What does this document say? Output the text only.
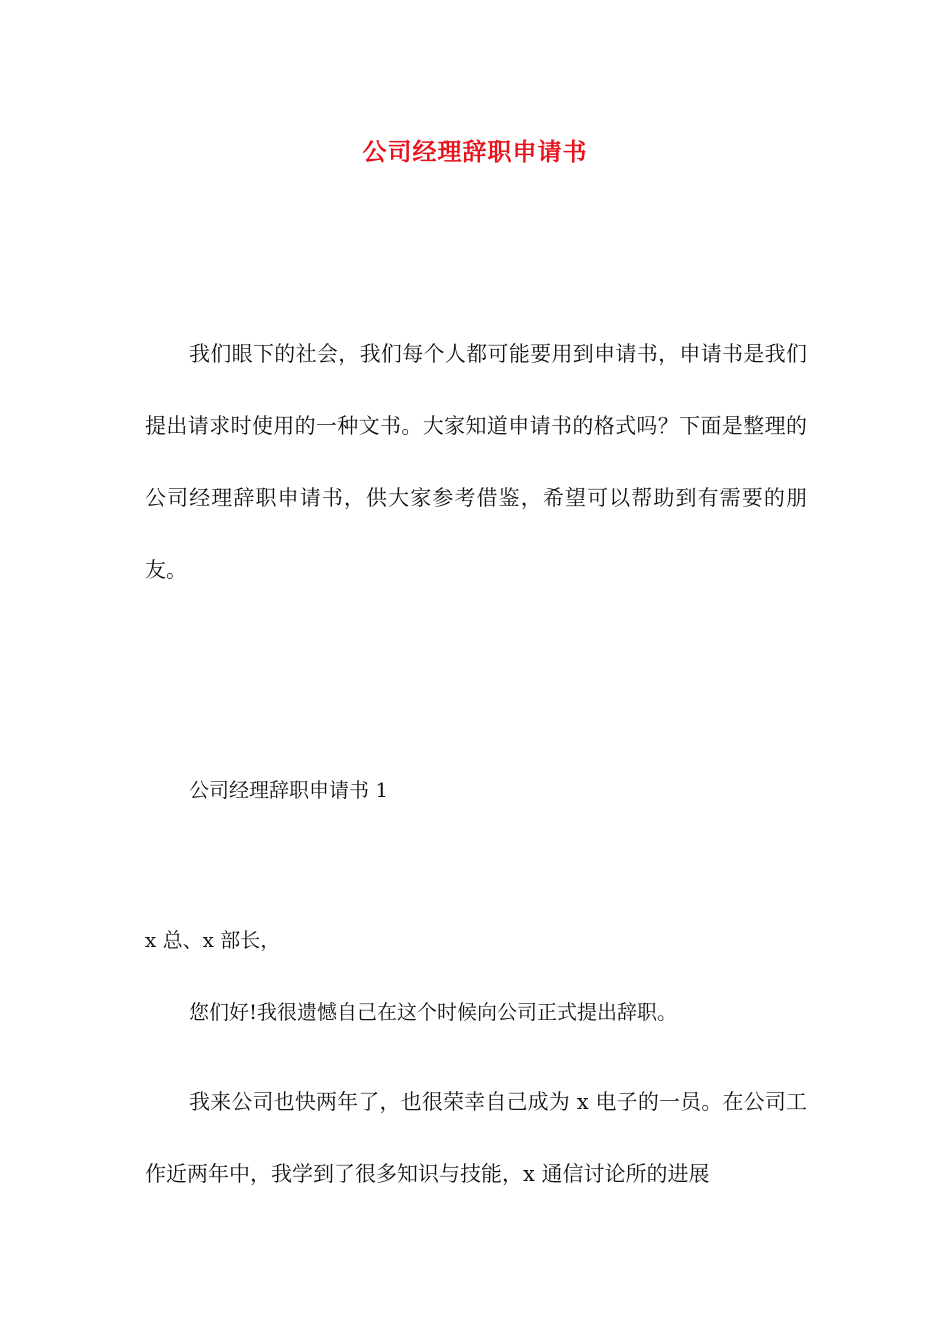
公司经理辞职申请书

我们眼下的社会，我们每个人都可能要用到申请书，申请书是我们提出请求时使用的一种文书。大家知道申请书的格式吗？下面是整理的公司经理辞职申请书，供大家参考借鉴，希望可以帮助到有需要的朋友。

公司经理辞职申请书 1

x 总、x 部长，

您们好!我很遗憾自己在这个时候向公司正式提出辞职。

我来公司也快两年了，也很荣幸自己成为 x 电子的一员。在公司工作近两年中，我学到了很多知识与技能，x 通信讨论所的进展
